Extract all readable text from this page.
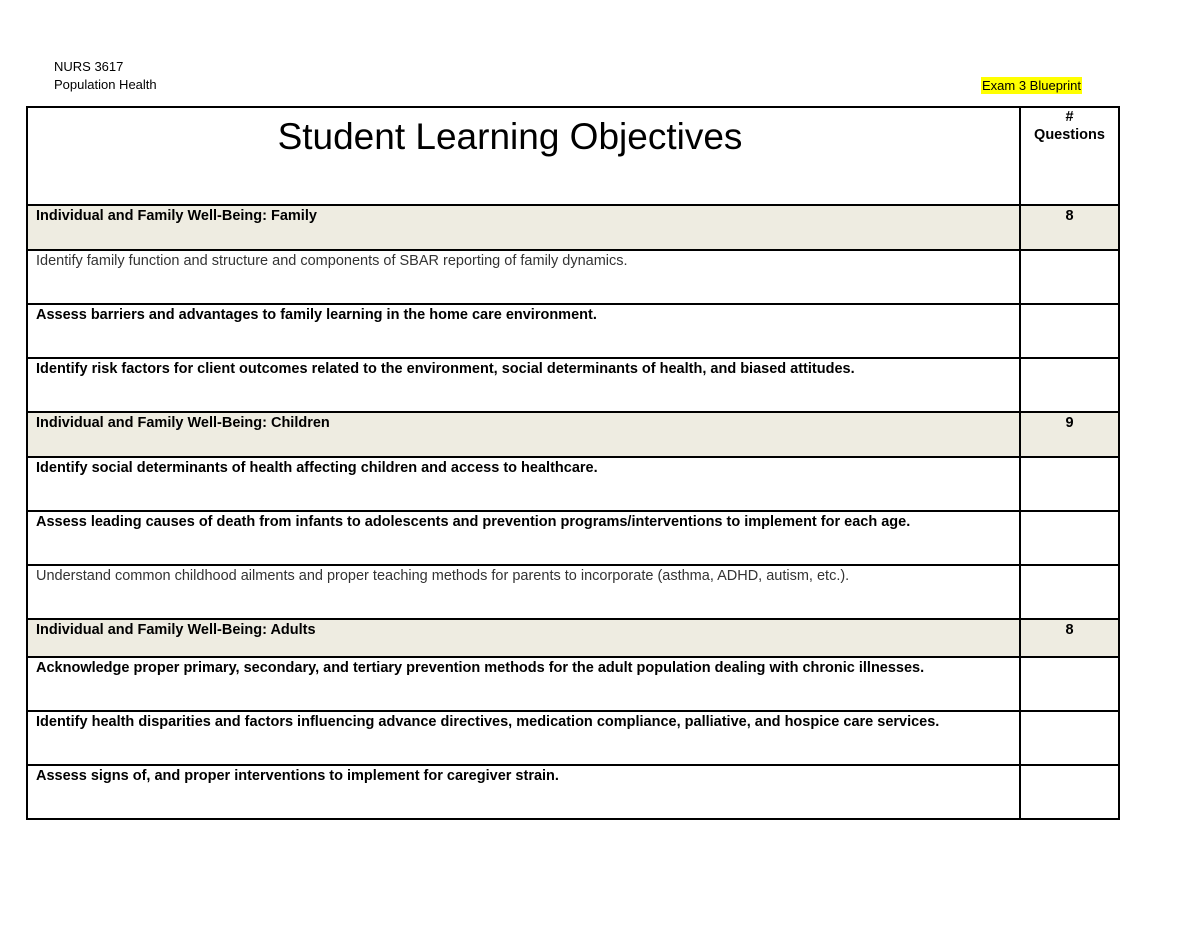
NURS 3617
Population Health	Exam 3 Blueprint
Student Learning Objectives	#
Questions

Individual and Family Well-Being: Family	8

Identify family function and structure and components of SBAR reporting of family dynamics.	

Assess barriers and advantages to family learning in the home care environment.	

Identify risk factors for client outcomes related to the environment, social determinants of health, and biased attitudes.	

Individual and Family Well-Being: Children	9

Identify social determinants of health affecting children and access to healthcare.	

Assess leading causes of death from infants to adolescents and prevention programs/interventions to implement for each age.	

Understand common childhood ailments and proper teaching methods for parents to incorporate (asthma, ADHD, autism, etc.).	

Individual and Family Well-Being: Adults	8

Acknowledge proper primary, secondary, and tertiary prevention methods for the adult population dealing with chronic illnesses.	

Identify health disparities and factors influencing advance directives, medication compliance, palliative, and hospice care services.	

Assess signs of, and proper interventions to implement for caregiver strain.	
